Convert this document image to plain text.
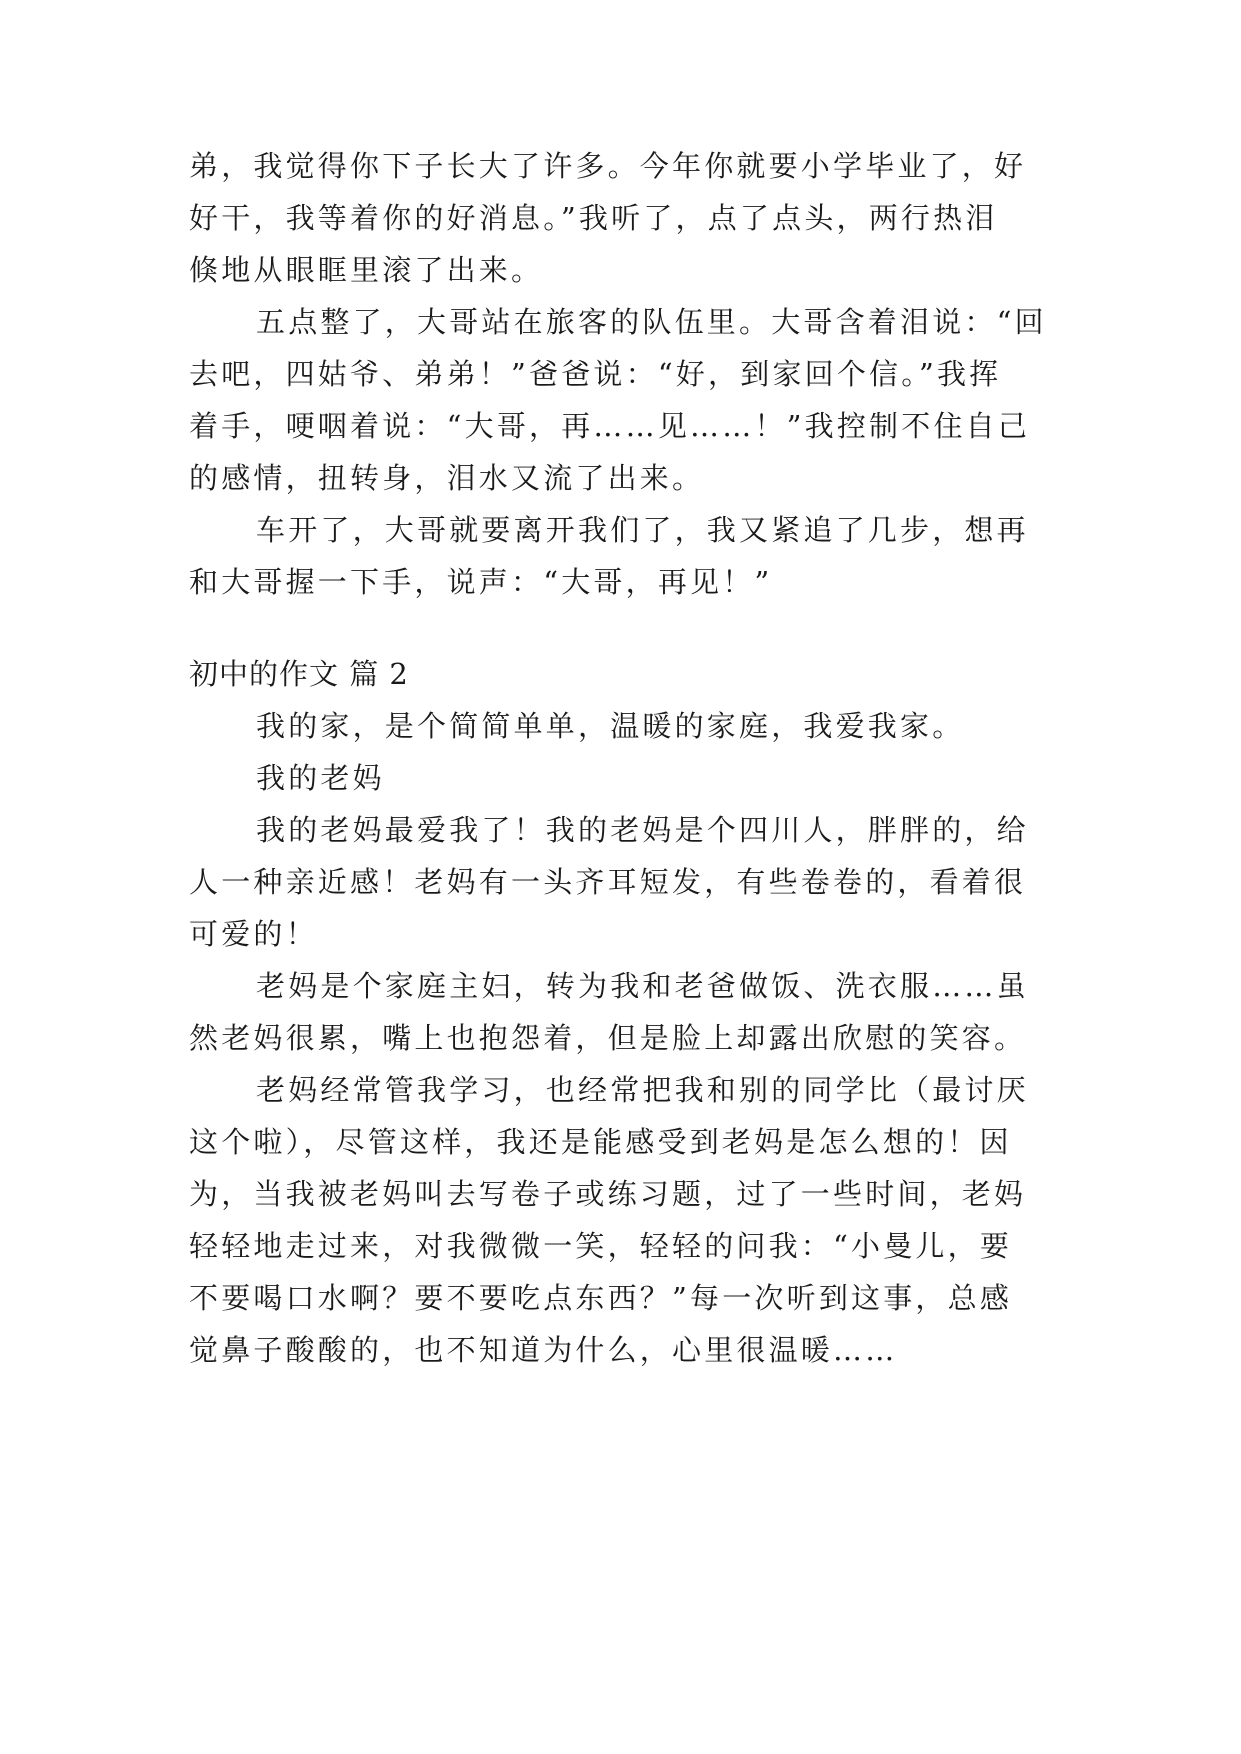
弟，我觉得你下子长大了许多。今年你就要小学毕业了，好
好干，我等着你的好消息。”我听了，点了点头，两行热泪
倏地从眼眶里滚了出来。
五点整了，大哥站在旅客的队伍里。大哥含着泪说：“回
去吧，四姑爷、弟弟！”爸爸说：“好，到家回个信。”我挥
着手，哽咽着说：“大哥，再……见……！”我控制不住自己
的感情，扭转身，泪水又流了出来。
车开了，大哥就要离开我们了，我又紧追了几步，想再
和大哥握一下手，说声：“大哥，再见！”
初中的作文 篇 2
我的家，是个简简单单，温暖的家庭，我爱我家。
我的老妈
我的老妈最爱我了！我的老妈是个四川人，胖胖的，给
人一种亲近感！老妈有一头齐耳短发，有些卷卷的，看着很
可爱的！
老妈是个家庭主妇，转为我和老爸做饭、洗衣服……虽
然老妈很累，嘴上也抱怨着，但是脸上却露出欣慰的笑容。
老妈经常管我学习，也经常把我和别的同学比（最讨厌
这个啦），尽管这样，我还是能感受到老妈是怎么想的！因
为，当我被老妈叫去写卷子或练习题，过了一些时间，老妈
轻轻地走过来，对我微微一笑，轻轻的问我：“小曼儿，要
不要喝口水啊？要不要吃点东西？”每一次听到这事，总感
觉鼻子酸酸的，也不知道为什么，心里很温暖……
